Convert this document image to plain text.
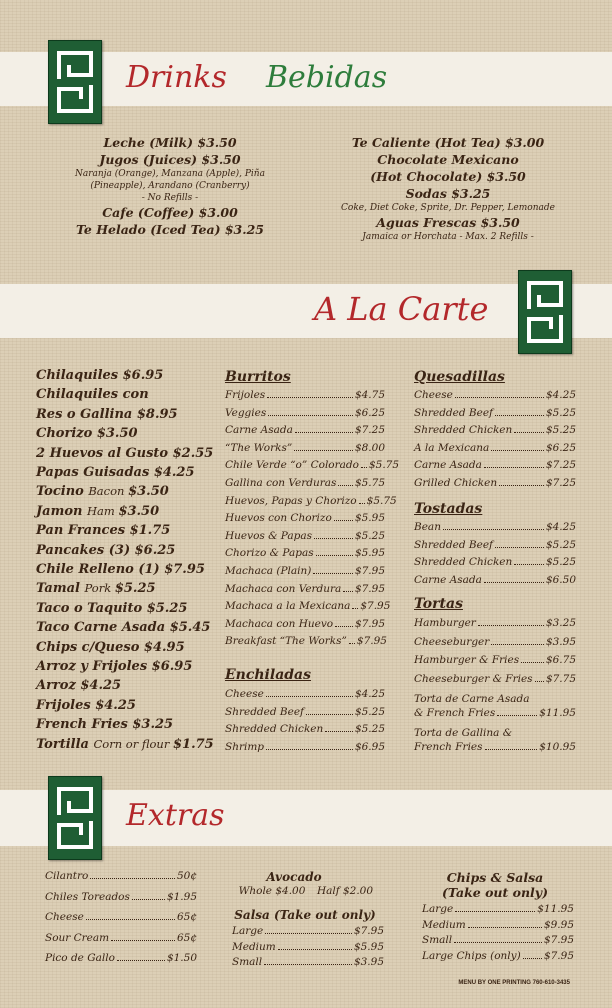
Drinks Bebidas
A La Carte
Extras
Leche (Milk) $3.50
Jugos (Juices) $3.50
Naranja (Orange), Manzana (Apple), Piña
(Pineapple), Arandano (Cranberry)
- No Refills -
Cafe (Coffee) $3.00
Te Helado (Iced Tea) $3.25
Te Caliente (Hot Tea) $3.00
Chocolate Mexicano
(Hot Chocolate) $3.50
Sodas $3.25
Coke, Diet Coke, Sprite, Dr. Pepper, Lemonade
Aguas Frescas $3.50
Jamaica or Horchata - Max. 2 Refills -
Chilaquiles $6.95
Chilaquiles con
Res o Gallina $8.95
Chorizo $3.50
2 Huevos al Gusto $2.55
Papas Guisadas $4.25
Tocino Bacon $3.50
Jamon Ham $3.50
Pan Frances $1.75
Pancakes (3) $6.25
Chile Relleno (1) $7.95
Tamal Pork $5.25
Taco o Taquito $5.25
Taco Carne Asada $5.45
Chips c/Queso $4.95
Arroz y Frijoles $6.95
Arroz $4.25
Frijoles $4.25
French Fries $3.25
Tortilla Corn or flour $1.75
Burritos
Frijoles	$4.75
Veggies	$6.25
Carne Asada	$7.25
“The Works”	$8.00
Chile Verde “o” Colorado $5.75
Gallina con Verduras $5.75
Huevos, Papas y Chorizo $5.75
Huevos con Chorizo $5.95
Huevos & Papas	$5.25
Chorizo & Papas	$5.95
Machaca (Plain)	$7.95
Machaca con Verdura $7.95
Machaca a la Mexicana $7.95
Machaca con Huevo $7.95
Breakfast “The Works” $7.95
Enchiladas
Cheese	$4.25
Shredded Beef	$5.25
Shredded Chicken	$5.25
Shrimp	$6.95
Quesadillas
Cheese	$4.25
Shredded Beef	$5.25
Shredded Chicken	$5.25
A la Mexicana	$6.25
Carne Asada	$7.25
Grilled Chicken	$7.25
Tostadas
Bean	$4.25
Shredded Beef	$5.25
Shredded Chicken	$5.25
Carne Asada	$6.50
Tortas
Hamburger	$3.25
Cheeseburger	$3.95
Hamburger & Fries	$6.75
Cheeseburger & Fries $7.75
Torta de Carne Asada
& French Fries	$11.95
Torta de Gallina &
French Fries	$10.95
Cilantro	50¢
Chiles Toreados	$1.95
Cheese	65¢
Sour Cream	65¢
Pico de Gallo	$1.50
Avocado
Whole $4.00	Half $2.00
Salsa (Take out only)
Large	$7.95
Medium	$5.95
Small	$3.95
Chips & Salsa
(Take out only)
Large	$11.95
Medium	$9.95
Small	$7.95
Large Chips (only) $7.95
MENU BY ONE PRINTING 760-610-3435
